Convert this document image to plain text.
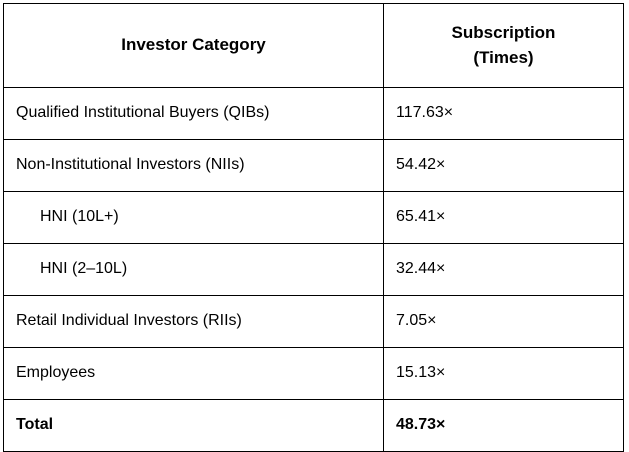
Investor Category	Subscription
(Times)

Qualified Institutional Buyers (QIBs)	117.63×
Non-Institutional Investors (NIIs)	54.42×
HNI (10L+)	65.41×
HNI (2–10L)	32.44×
Retail Individual Investors (RIIs)	7.05×
Employees	15.13×
Total	48.73×
